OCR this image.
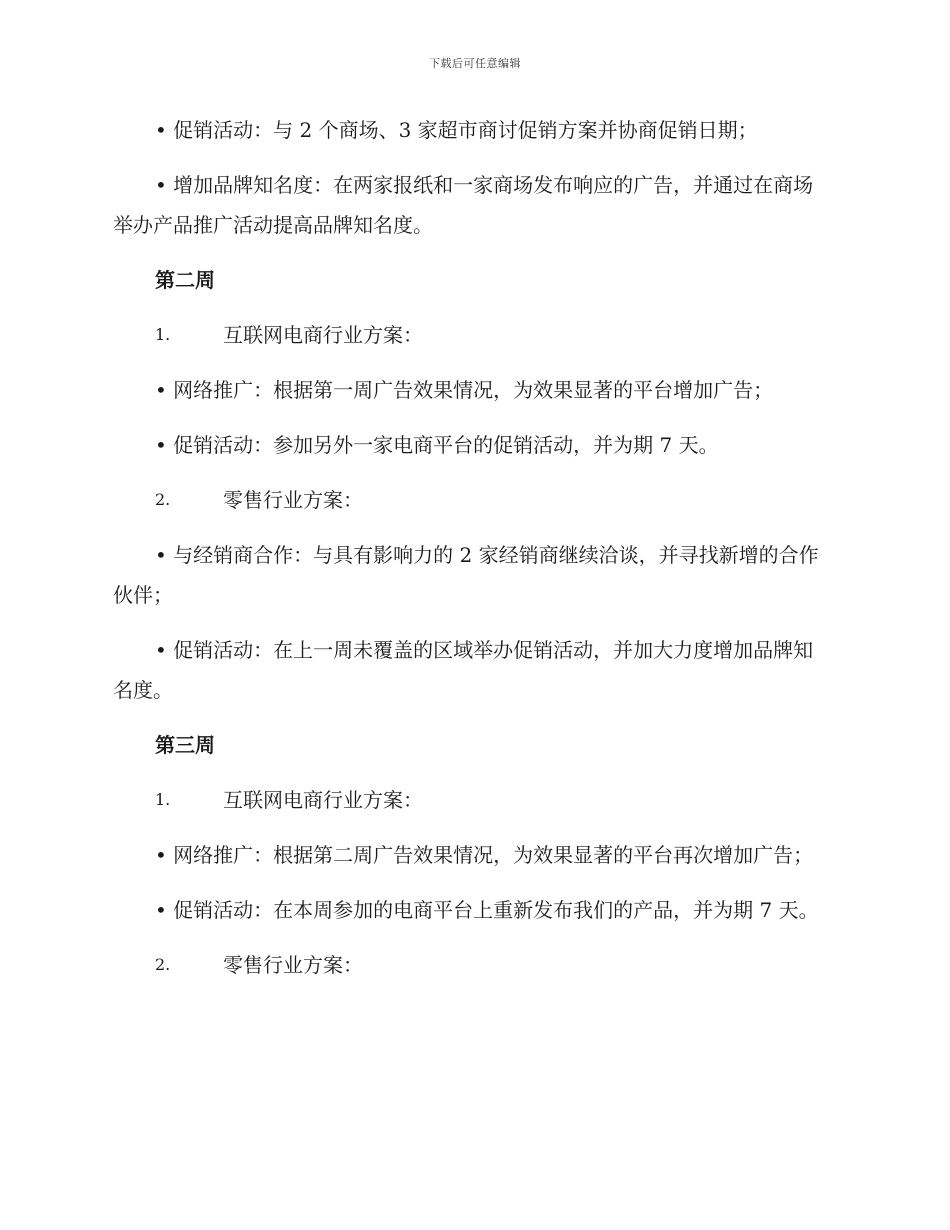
下载后可任意编辑

• 促销活动：与 2 个商场、3 家超市商讨促销方案并协商促销日期；

• 增加品牌知名度：在两家报纸和一家商场发布响应的广告，并通过在商场举办产品推广活动提高品牌知名度。

第二周
1.	互联网电商行业方案：

• 网络推广：根据第一周广告效果情况，为效果显著的平台增加广告；

• 促销活动：参加另外一家电商平台的促销活动，并为期 7 天。

2.	零售行业方案：

• 与经销商合作：与具有影响力的 2 家经销商继续洽谈，并寻找新增的合作伙伴；

• 促销活动：在上一周未覆盖的区域举办促销活动，并加大力度增加品牌知名度。

第三周
1.	互联网电商行业方案：

• 网络推广：根据第二周广告效果情况，为效果显著的平台再次增加广告；

• 促销活动：在本周参加的电商平台上重新发布我们的产品，并为期 7 天。

2.	零售行业方案：
